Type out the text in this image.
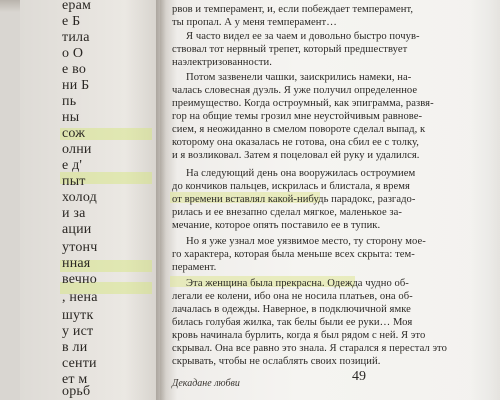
ерам
е Б
тила
о О
е во
ни Б
пь
ны
сож
олни
е д'
пыт
холод
и за
ации
утонч
нная
вечно
, нена
шутк
у ист
в ли
сенти
ет м
орьб
рвов и темперамент, и, если побеждает темперамент,
ты пропал. А у меня темперамент…
Я часто видел ее за чаем и довольно быстро почув-
ствовал тот нервный трепет, который предшествует
наэлектризованности.
Потом зазвенели чашки, заискрились намеки, на-
чалась словесная дуэль. Я уже получил определенное
преимущество. Когда остроумный, как эпиграмма, развя-
гор на общие темы грозил мне неустойчивым равнове-
сием, я неожиданно в смелом повороте сделал выпад, к
которому она оказалась не готова, она сбил ее с толку,
и я возликовал. Затем я поцеловал ей руку и удалился.
На следующий день она вооружилась остроумием
до кончиков пальцев, искрилась и блистала, я время
от времени вставлял какой-нибудь парадокс, разгадо-
рилась и ее внезапно сделал мягкое, маленькое за-
мечание, которое опять поставило ее в тупик.
Но я уже узнал мое уязвимое место, ту сторону мое-
го характера, которая была меньше всех скрыта: тем-
перамент.
Эта женщина была прекрасна. Одежда чудно об-
легали ее колени, ибо она не носила платьев, она об-
лачалась в одежды. Наверное, в подключичной ямке
билась голубая жилка, так белы были ее руки… Моя
кровь начинала бурлить, когда я был рядом с ней. Я это
скрывал. Она все равно это знала. Я старался я перестал это
скрывать, чтобы не ослаблять своих позиций.
Декадане любви	49
